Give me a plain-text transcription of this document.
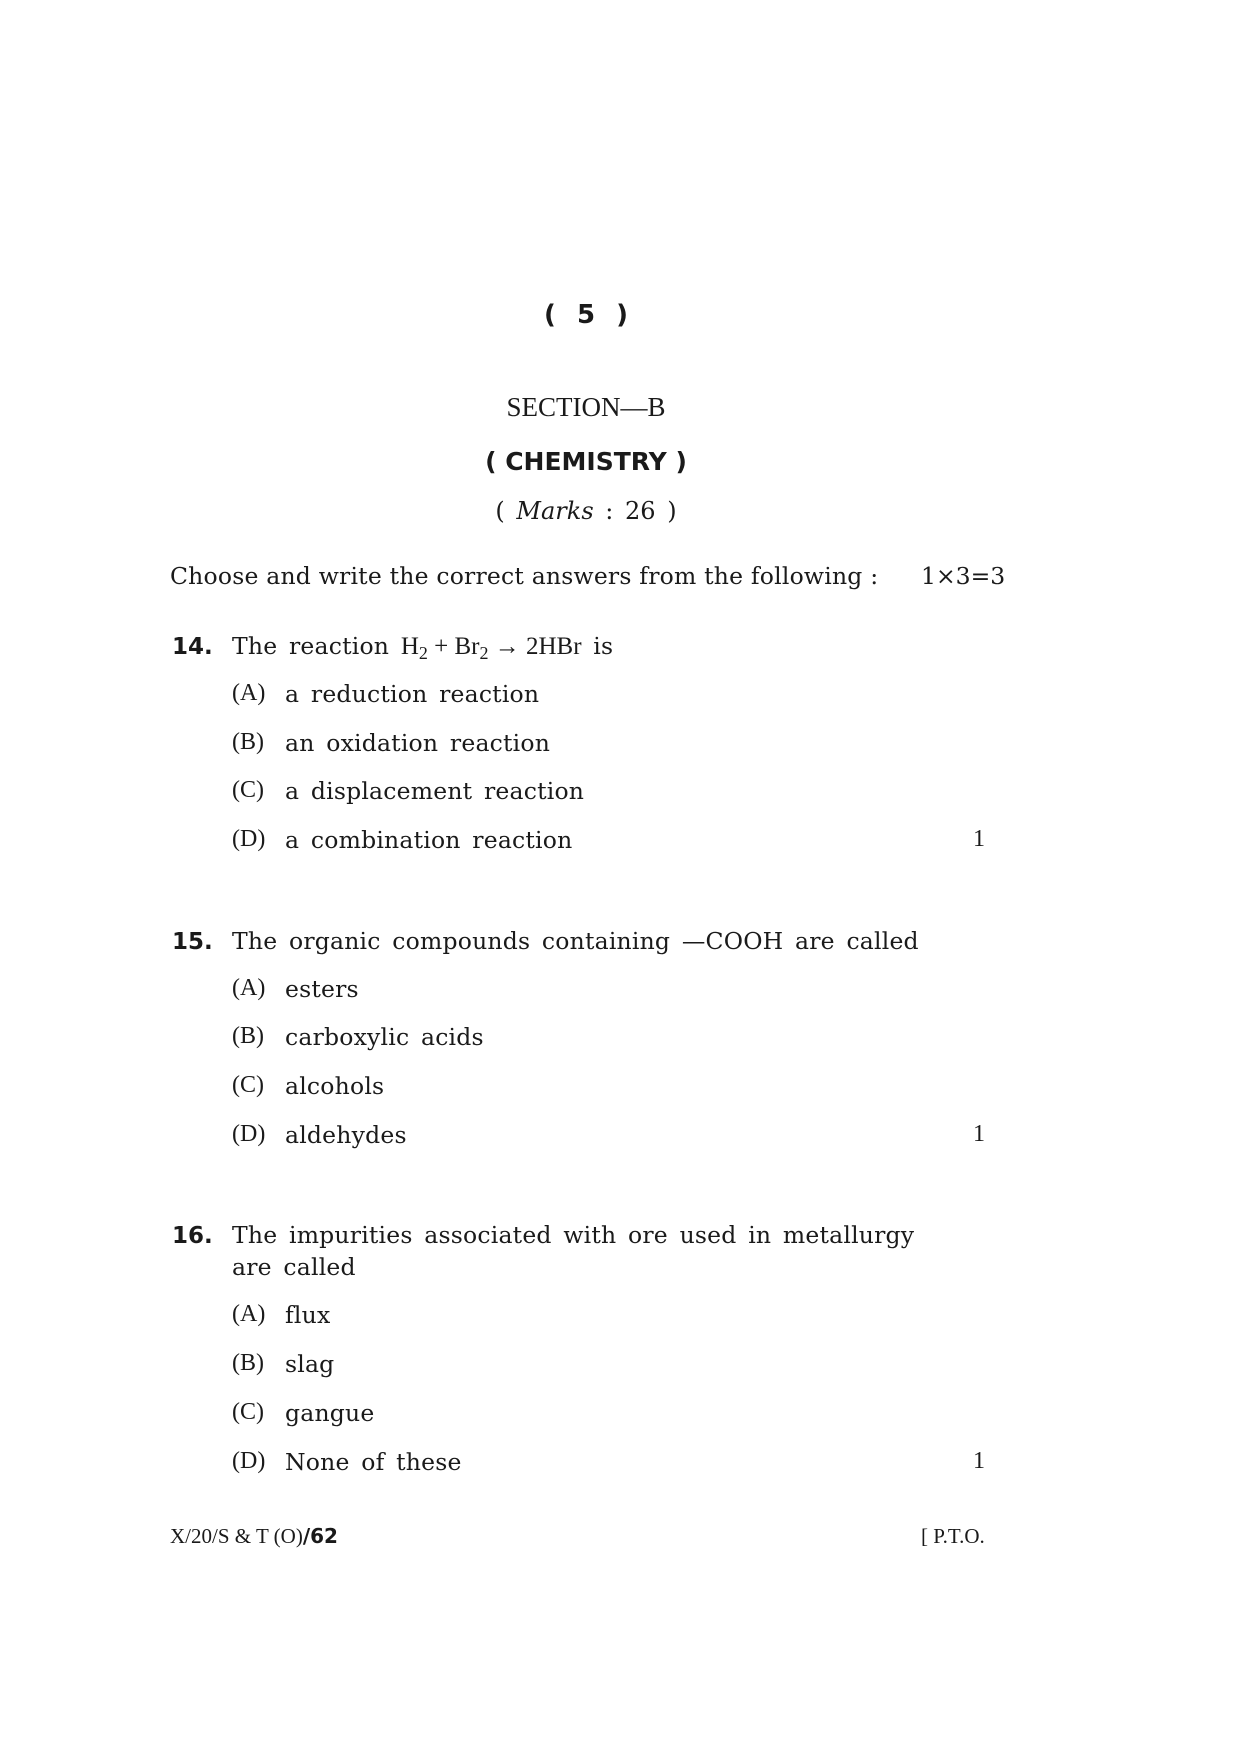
( 5 )
SECTION—B
( CHEMISTRY )
( Marks : 26 )
Choose and write the correct answers from the following : 1×3=3
14. The reaction $H_2 + Br_2 \to 2HBr$ is
(A) a reduction reaction
(B) an oxidation reaction
(C) a displacement reaction
(D) a combination reaction	1
15. The organic compounds containing —COOH are called
(A) esters
(B) carboxylic acids
(C) alcohols
(D) aldehydes	1
16. The impurities associated with ore used in metallurgy
are called
(A) flux
(B) slag
(C) gangue
(D) None of these	1
X/20/S & T (O)/62	[ P.T.O.
